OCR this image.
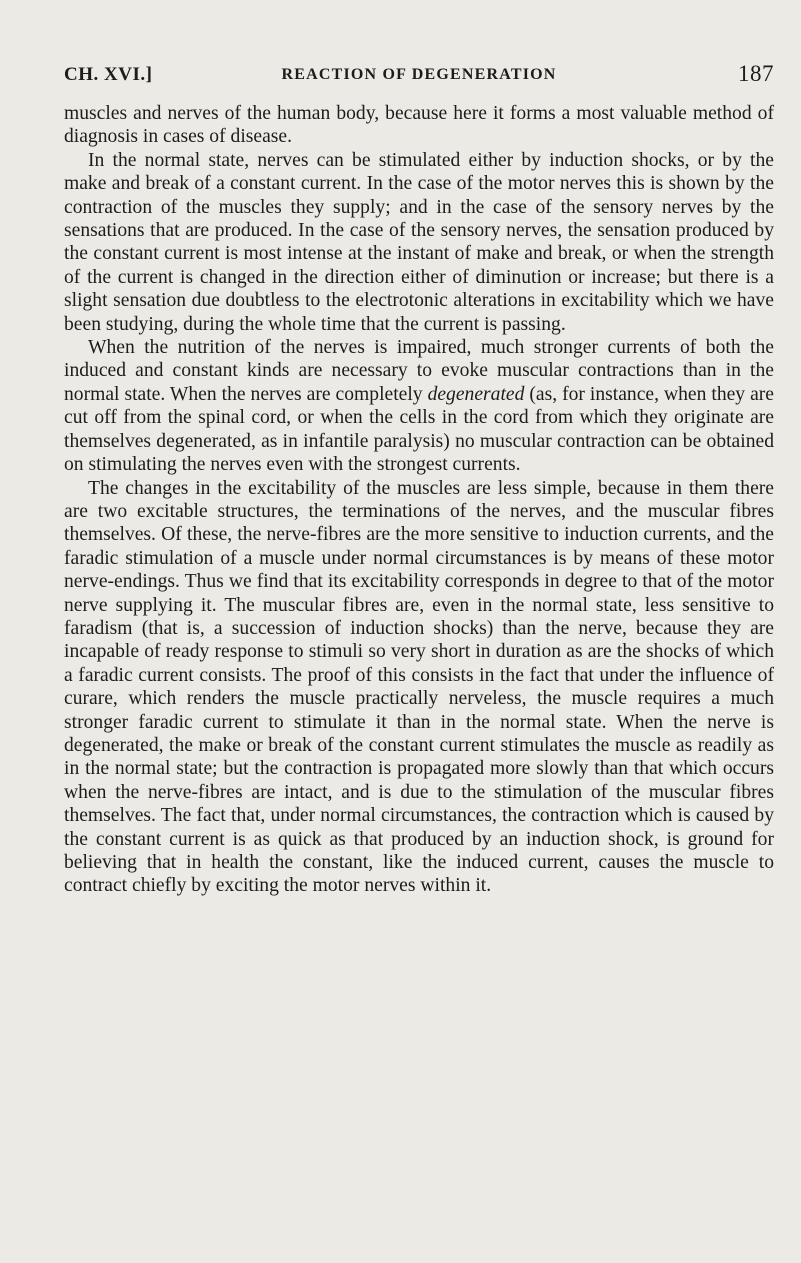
CH. XVI.]	REACTION OF DEGENERATION	187

muscles and nerves of the human body, because here it forms a most valuable method of diagnosis in cases of disease.

In the normal state, nerves can be stimulated either by induction shocks, or by the make and break of a constant current. In the case of the motor nerves this is shown by the contraction of the muscles they supply; and in the case of the sensory nerves by the sensations that are produced. In the case of the sensory nerves, the sensation produced by the constant current is most intense at the instant of make and break, or when the strength of the current is changed in the direction either of diminution or increase; but there is a slight sensation due doubtless to the electrotonic alterations in excitability which we have been studying, during the whole time that the current is passing.

When the nutrition of the nerves is impaired, much stronger currents of both the induced and constant kinds are necessary to evoke muscular contractions than in the normal state. When the nerves are completely degenerated (as, for instance, when they are cut off from the spinal cord, or when the cells in the cord from which they originate are themselves degenerated, as in infantile paralysis) no muscular contraction can be obtained on stimulating the nerves even with the strongest currents.

The changes in the excitability of the muscles are less simple, because in them there are two excitable structures, the terminations of the nerves, and the muscular fibres themselves. Of these, the nerve-fibres are the more sensitive to induction currents, and the faradic stimulation of a muscle under normal circumstances is by means of these motor nerve-endings. Thus we find that its excitability corresponds in degree to that of the motor nerve supplying it. The muscular fibres are, even in the normal state, less sensitive to faradism (that is, a succession of induction shocks) than the nerve, because they are incapable of ready response to stimuli so very short in duration as are the shocks of which a faradic current consists. The proof of this consists in the fact that under the influence of curare, which renders the muscle practically nerveless, the muscle requires a much stronger faradic current to stimulate it than in the normal state. When the nerve is degenerated, the make or break of the constant current stimulates the muscle as readily as in the normal state; but the contraction is propagated more slowly than that which occurs when the nerve-fibres are intact, and is due to the stimulation of the muscular fibres themselves. The fact that, under normal circumstances, the contraction which is caused by the constant current is as quick as that produced by an induction shock, is ground for believing that in health the constant, like the induced current, causes the muscle to contract chiefly by exciting the motor nerves within it.
